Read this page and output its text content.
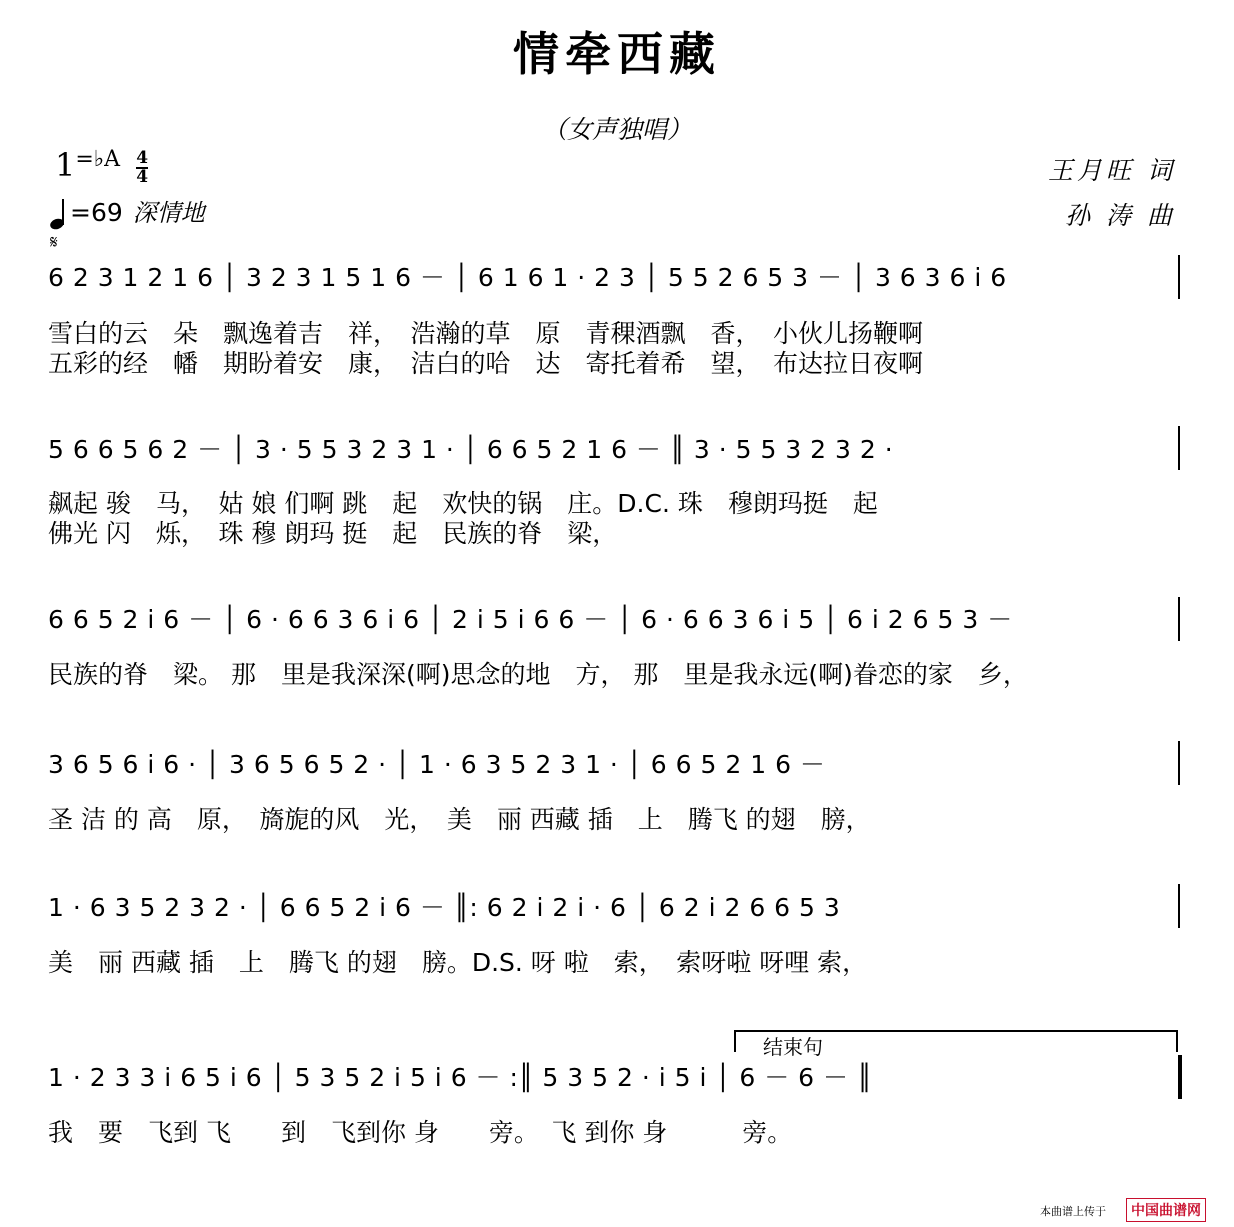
情牵西藏
（女声独唱）
$1^{=♭A} \frac{4}{4}$
=69 深情地
王月旺 词
孙 涛 曲
𝄋
6 2 3 1 2 1 6 │ 3 2 3 1 5 1 6 － │ 6 1 6 1 · 2 3 │ 5 5 2 6 5 3 － │ 3 6 3 6 i 6
雪白的云　朵　飘逸着吉　祥，　浩瀚的草　原　青稞酒飘　香，　小伙儿扬鞭啊
五彩的经　幡　期盼着安　康，　洁白的哈　达　寄托着希　望，　布达拉日夜啊
5 6 6 5 6 2 － │ 3 · 5 5 3 2 3 1 · │ 6 6 5 2 1 6 － ║ 3 · 5 5 3 2 3 2 ·
飙起 骏　马，　姑 娘 们啊 跳　起　欢快的锅　庄。D.C. 珠　穆朗玛挺　起
佛光 闪　烁，　珠 穆 朗玛 挺　起　民族的脊　梁，
6 6 5 2 i 6 － │ 6 · 6 6 3 6 i 6 │ 2 i 5 i 6 6 － │ 6 · 6 6 3 6 i 5 │ 6 i 2 6 5 3 －
民族的脊　梁。 那　里是我深深(啊)思念的地　方， 那　里是我永远(啊)眷恋的家　乡，
3 6 5 6 i 6 · │ 3 6 5 6 5 2 · │ 1 · 6 3 5 2 3 1 · │ 6 6 5 2 1 6 －
圣 洁 的 高　原，　旖旎的风　光，　美　丽 西藏 插　上　腾飞 的翅　膀，
1 · 6 3 5 2 3 2 · │ 6 6 5 2 i 6 － ║: 6 2 i 2 i · 6 │ 6 2 i 2 6 6 5 3
美　丽 西藏 插　上　腾飞 的翅　膀。D.S. 呀 啦　索，　索呀啦 呀哩 索，
结束句
1 · 2 3 3 i 6 5 i 6 │ 5 3 5 2 i 5 i 6 － :║ 5 3 5 2 · i 5 i │ 6 － 6 － ║
我　要　飞到 飞　　到　飞到你 身　　旁。　飞 到你 身　　　旁。
本曲谱上传于	中国曲谱网
